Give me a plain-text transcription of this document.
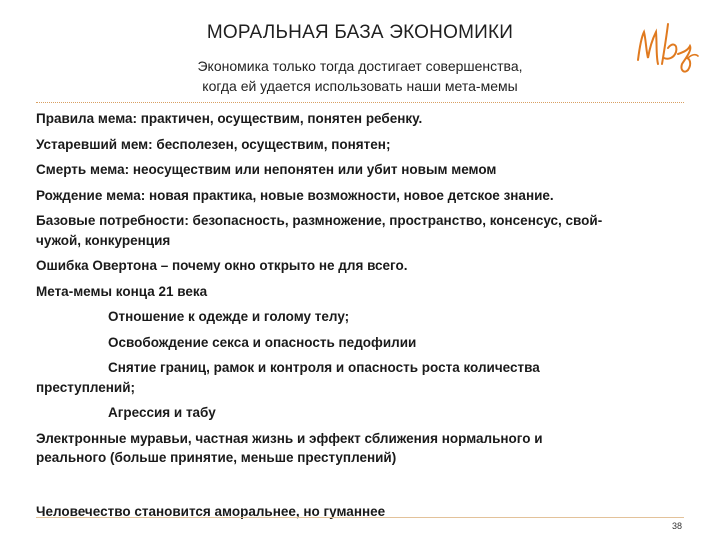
МОРАЛЬНАЯ БАЗА ЭКОНОМИКИ
Экономика только тогда достигает совершенства,
когда ей удается использовать наши мета-мемы

Правила мема: практичен, осуществим, понятен ребенку.

Устаревший мем: бесполезен, осуществим, понятен;

Смерть мема: неосуществим или непонятен или убит новым мемом

Рождение мема: новая практика, новые возможности, новое детское знание.

Базовые потребности: безопасность, размножение, пространство, консенсус, свой-

чужой, конкуренция

Ошибка Овертона – почему окно открыто не для всего.

Мета-мемы конца 21 века

Отношение к одежде и голому телу;

Освобождение секса и опасность педофилии

Снятие границ, рамок и контроля и опасность роста количества

преступлений;

Агрессия и табу

Электронные муравьи, частная жизнь и эффект сближения нормального и

реального (больше принятие, меньше преступлений)

Человечество становится аморальнее, но гуманнее
38
